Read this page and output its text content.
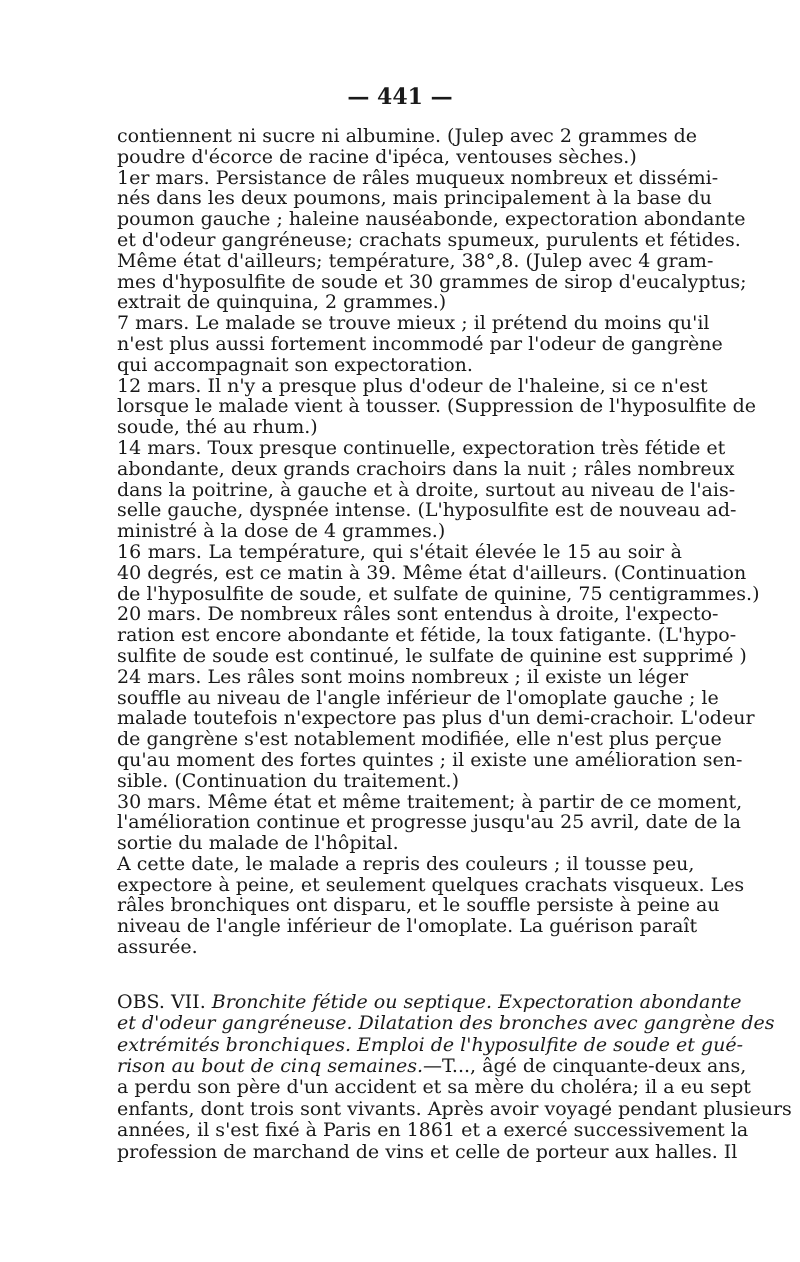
— 441 —
contiennent ni sucre ni albumine. (Julep avec 2 grammes de
poudre d'écorce de racine d'ipéca, ventouses sèches.)
1er mars. Persistance de râles muqueux nombreux et dissémi-
nés dans les deux poumons, mais principalement à la base du
poumon gauche ; haleine nauséabonde, expectoration abondante
et d'odeur gangréneuse; crachats spumeux, purulents et fétides.
Même état d'ailleurs; température, 38°,8. (Julep avec 4 gram-
mes d'hyposulfite de soude et 30 grammes de sirop d'eucalyptus;
extrait de quinquina, 2 grammes.)
7 mars. Le malade se trouve mieux ; il prétend du moins qu'il
n'est plus aussi fortement incommodé par l'odeur de gangrène
qui accompagnait son expectoration.
12 mars. Il n'y a presque plus d'odeur de l'haleine, si ce n'est
lorsque le malade vient à tousser. (Suppression de l'hyposulfite de
soude, thé au rhum.)
14 mars. Toux presque continuelle, expectoration très fétide et
abondante, deux grands crachoirs dans la nuit ; râles nombreux
dans la poitrine, à gauche et à droite, surtout au niveau de l'ais-
selle gauche, dyspnée intense. (L'hyposulfite est de nouveau ad-
ministré à la dose de 4 grammes.)
16 mars. La température, qui s'était élevée le 15 au soir à
40 degrés, est ce matin à 39. Même état d'ailleurs. (Continuation
de l'hyposulfite de soude, et sulfate de quinine, 75 centigrammes.)
20 mars. De nombreux râles sont entendus à droite, l'expecto-
ration est encore abondante et fétide, la toux fatigante. (L'hypo-
sulfite de soude est continué, le sulfate de quinine est supprimé )
24 mars. Les râles sont moins nombreux ; il existe un léger
souffle au niveau de l'angle inférieur de l'omoplate gauche ; le
malade toutefois n'expectore pas plus d'un demi-crachoir. L'odeur
de gangrène s'est notablement modifiée, elle n'est plus perçue
qu'au moment des fortes quintes ; il existe une amélioration sen-
sible. (Continuation du traitement.)
30 mars. Même état et même traitement; à partir de ce moment,
l'amélioration continue et progresse jusqu'au 25 avril, date de la
sortie du malade de l'hôpital.
A cette date, le malade a repris des couleurs ; il tousse peu,
expectore à peine, et seulement quelques crachats visqueux. Les
râles bronchiques ont disparu, et le souffle persiste à peine au
niveau de l'angle inférieur de l'omoplate. La guérison paraît
assurée.
OBS. VII. Bronchite fétide ou septique. Expectoration abondante
et d'odeur gangréneuse. Dilatation des bronches avec gangrène des
extrémités bronchiques. Emploi de l'hyposulfite de soude et gué-
rison au bout de cinq semaines.—T..., âgé de cinquante-deux ans,
a perdu son père d'un accident et sa mère du choléra; il a eu sept
enfants, dont trois sont vivants. Après avoir voyagé pendant plusieurs
années, il s'est fixé à Paris en 1861 et a exercé successivement la
profession de marchand de vins et celle de porteur aux halles. Il
